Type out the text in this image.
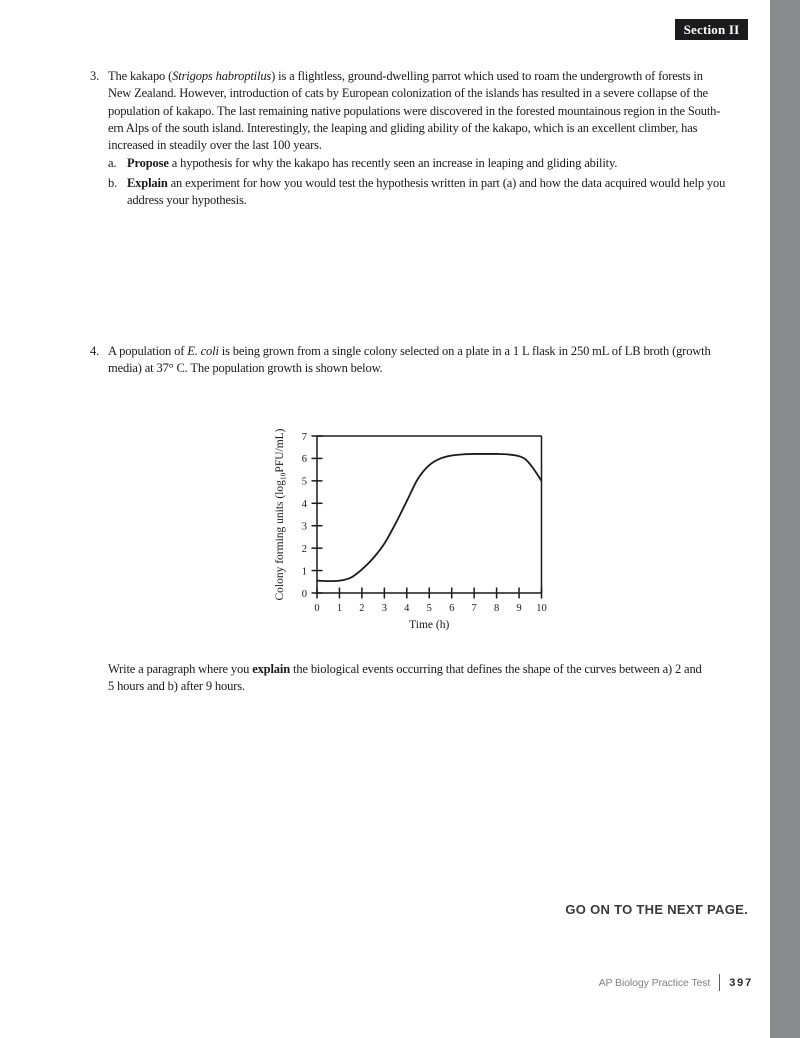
Section II
3. The kakapo (Strigops habroptilus) is a flightless, ground-dwelling parrot which used to roam the undergrowth of forests in
New Zealand. However, introduction of cats by European colonization of the islands has resulted in a severe collapse of the
population of kakapo. The last remaining native populations were discovered in the forested mountainous region in the South-
ern Alps of the south island. Interestingly, the leaping and gliding ability of the kakapo, which is an excellent climber, has
increased in steadily over the last 100 years.
a. Propose a hypothesis for why the kakapo has recently seen an increase in leaping and gliding ability.
b. Explain an experiment for how you would test the hypothesis written in part (a) and how the data acquired would help you
address your hypothesis.
4. A population of E. coli is being grown from a single colony selected on a plate in a 1 L flask in 250 mL of LB broth (growth
media) at 37° C. The population growth is shown below.
0 1 2 3 4 5 6 7 8 9 10
0
1
2
3
4
5
6
7
Time (h)
Colony forming units $(\log_{10}PFU/mL)$
Write a paragraph where you explain the biological events occurring that defines the shape of the curves between a) 2 and
5 hours and b) after 9 hours.
GO ON TO THE NEXT PAGE.
AP Biology Practice Test 397
